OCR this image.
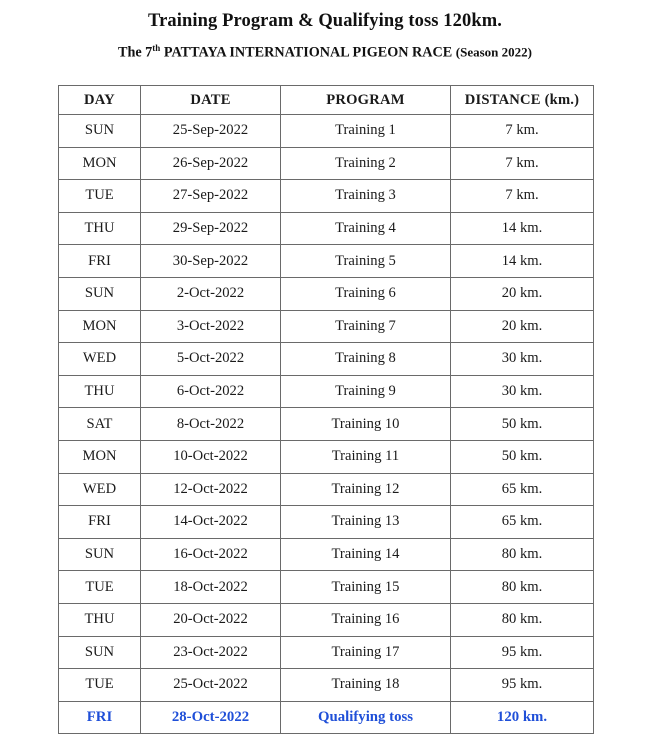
Training Program & Qualifying toss 120km.
The 7th PATTAYA INTERNATIONAL PIGEON RACE (Season 2022)
DAY	DATE	PROGRAM	DISTANCE (km.)
SUN	25-Sep-2022	Training 1	7 km.
MON	26-Sep-2022	Training 2	7 km.
TUE	27-Sep-2022	Training 3	7 km.
THU	29-Sep-2022	Training 4	14 km.
FRI	30-Sep-2022	Training 5	14 km.
SUN	2-Oct-2022	Training 6	20 km.
MON	3-Oct-2022	Training 7	20 km.
WED	5-Oct-2022	Training 8	30 km.
THU	6-Oct-2022	Training 9	30 km.
SAT	8-Oct-2022	Training 10	50 km.
MON	10-Oct-2022	Training 11	50 km.
WED	12-Oct-2022	Training 12	65 km.
FRI	14-Oct-2022	Training 13	65 km.
SUN	16-Oct-2022	Training 14	80 km.
TUE	18-Oct-2022	Training 15	80 km.
THU	20-Oct-2022	Training 16	80 km.
SUN	23-Oct-2022	Training 17	95 km.
TUE	25-Oct-2022	Training 18	95 km.
FRI	28-Oct-2022	Qualifying toss	120 km.
